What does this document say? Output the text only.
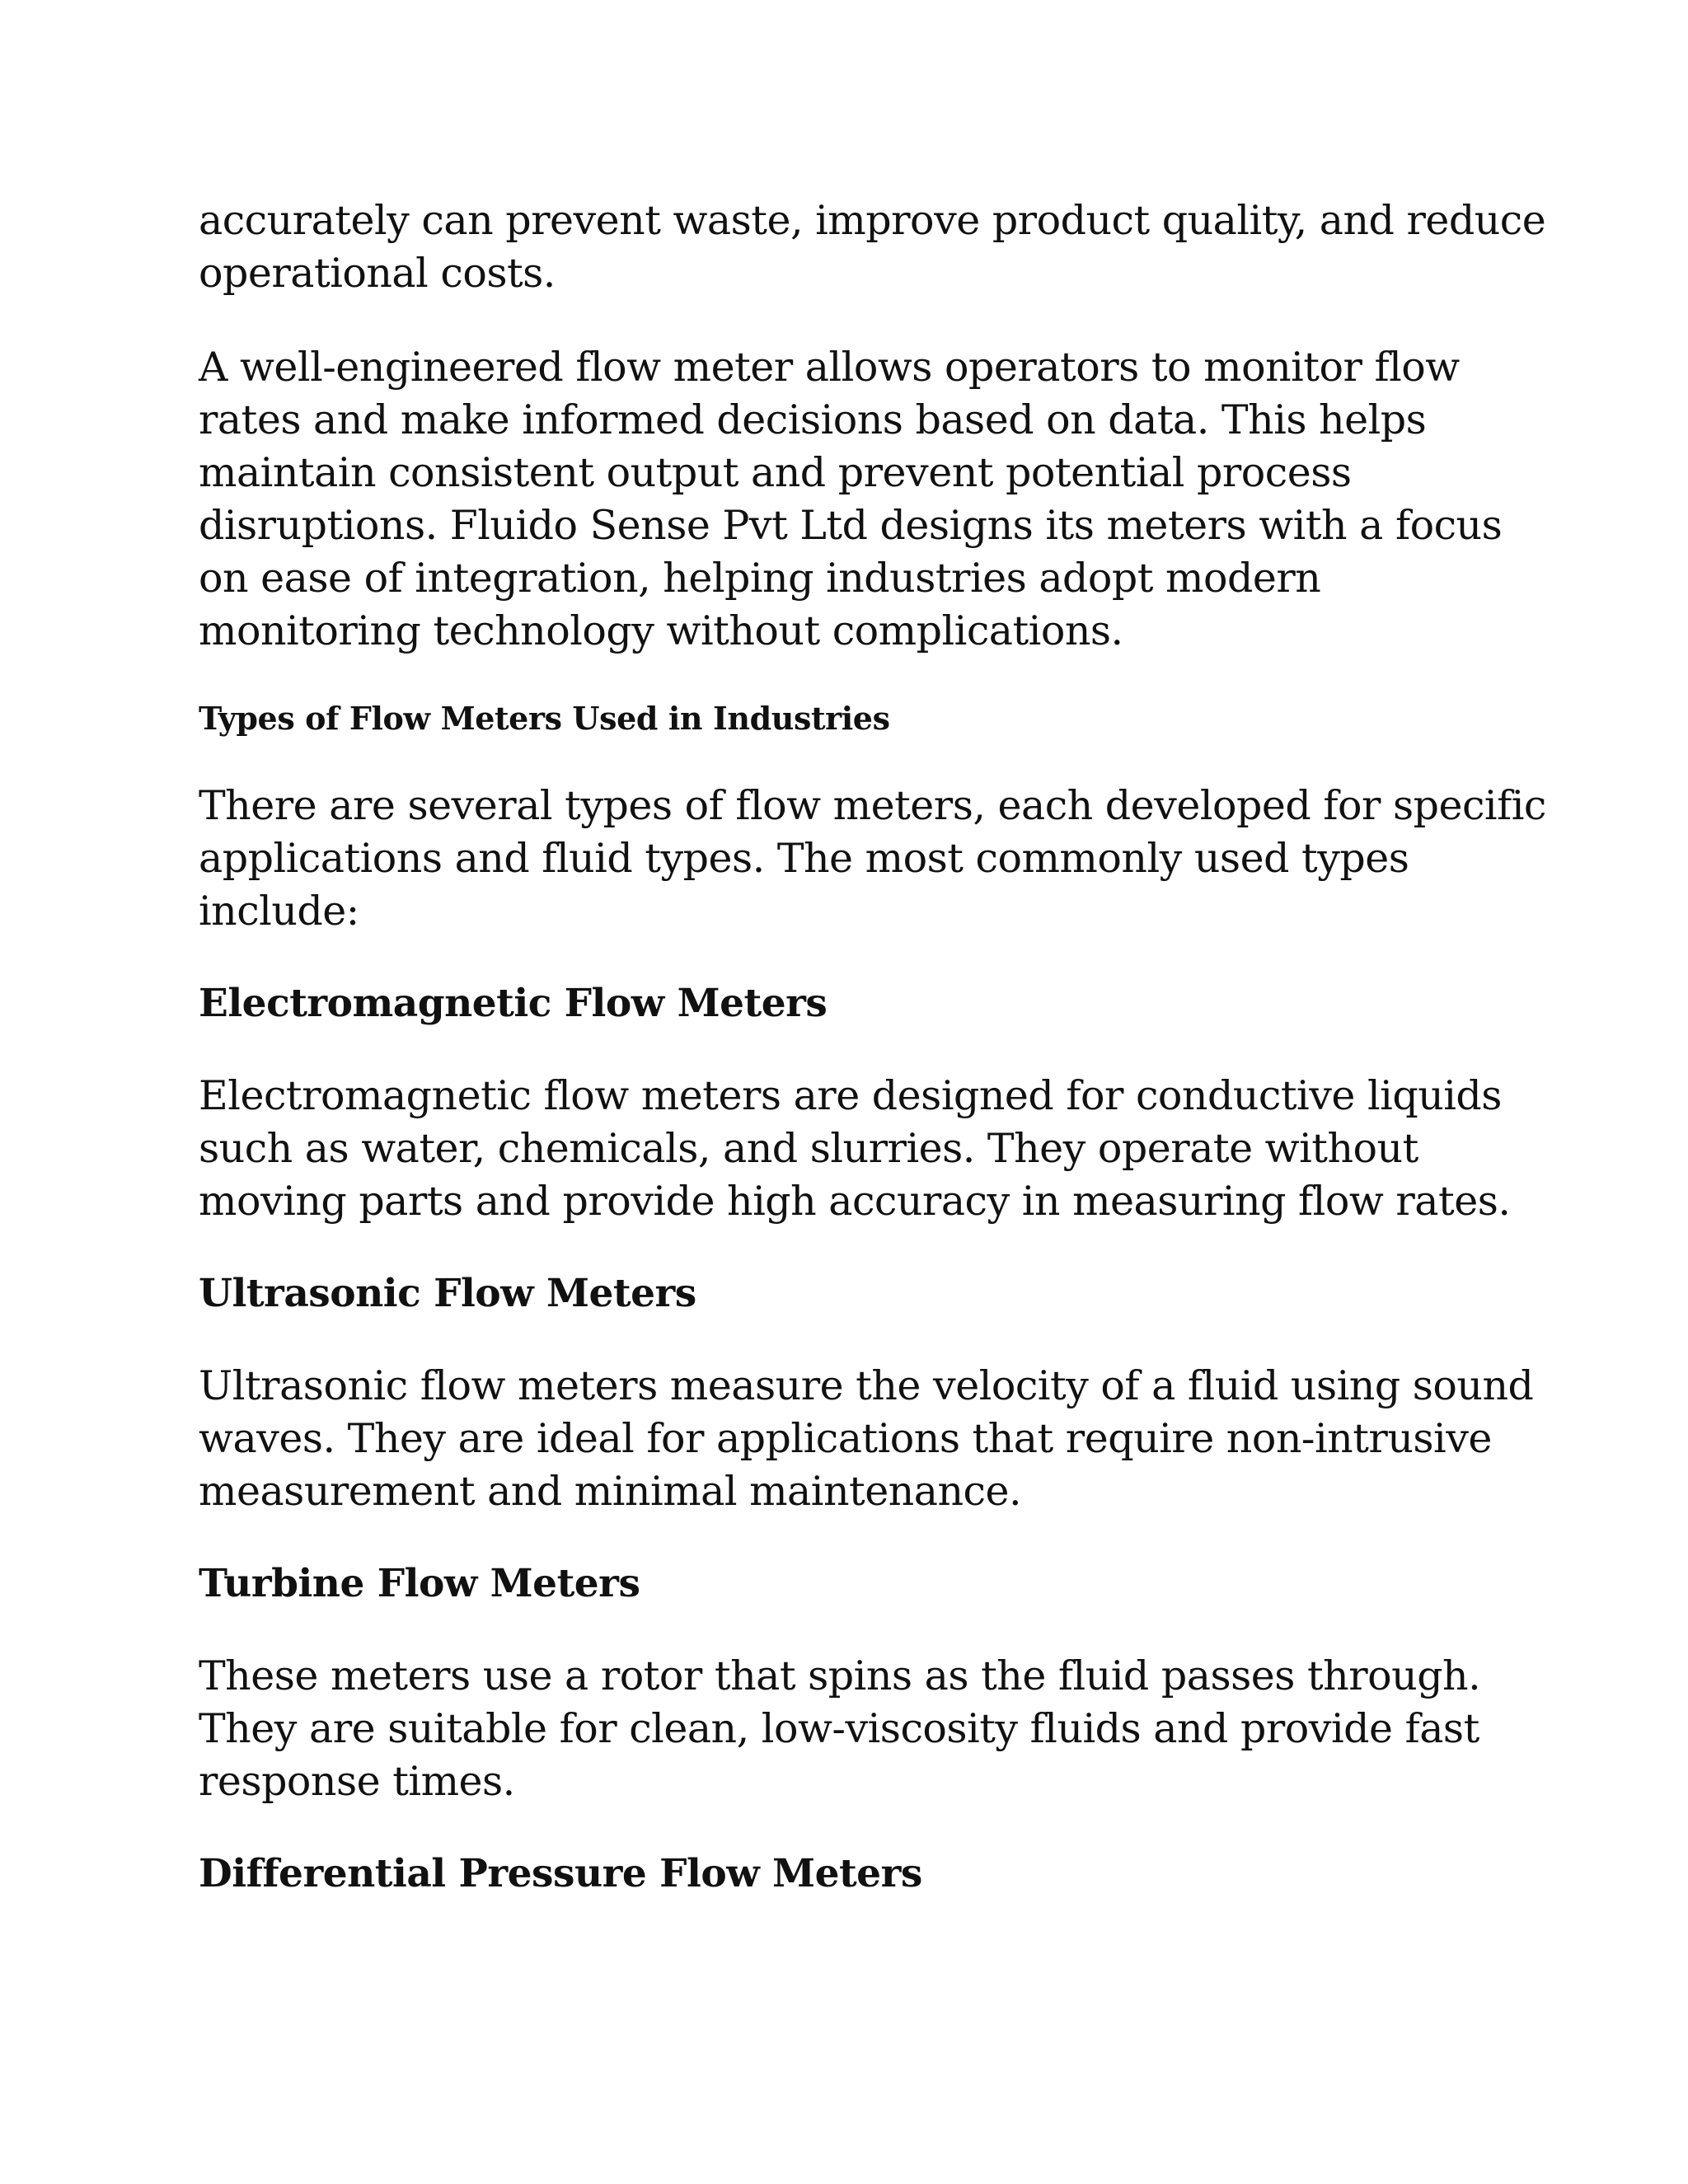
accurately can prevent waste, improve product quality, and reduce
operational costs.

A well-engineered flow meter allows operators to monitor flow
rates and make informed decisions based on data. This helps
maintain consistent output and prevent potential process
disruptions. Fluido Sense Pvt Ltd designs its meters with a focus
on ease of integration, helping industries adopt modern
monitoring technology without complications.

Types of Flow Meters Used in Industries

There are several types of flow meters, each developed for specific
applications and fluid types. The most commonly used types
include:

Electromagnetic Flow Meters

Electromagnetic flow meters are designed for conductive liquids
such as water, chemicals, and slurries. They operate without
moving parts and provide high accuracy in measuring flow rates.

Ultrasonic Flow Meters

Ultrasonic flow meters measure the velocity of a fluid using sound
waves. They are ideal for applications that require non-intrusive
measurement and minimal maintenance.

Turbine Flow Meters

These meters use a rotor that spins as the fluid passes through.
They are suitable for clean, low-viscosity fluids and provide fast
response times.

Differential Pressure Flow Meters
